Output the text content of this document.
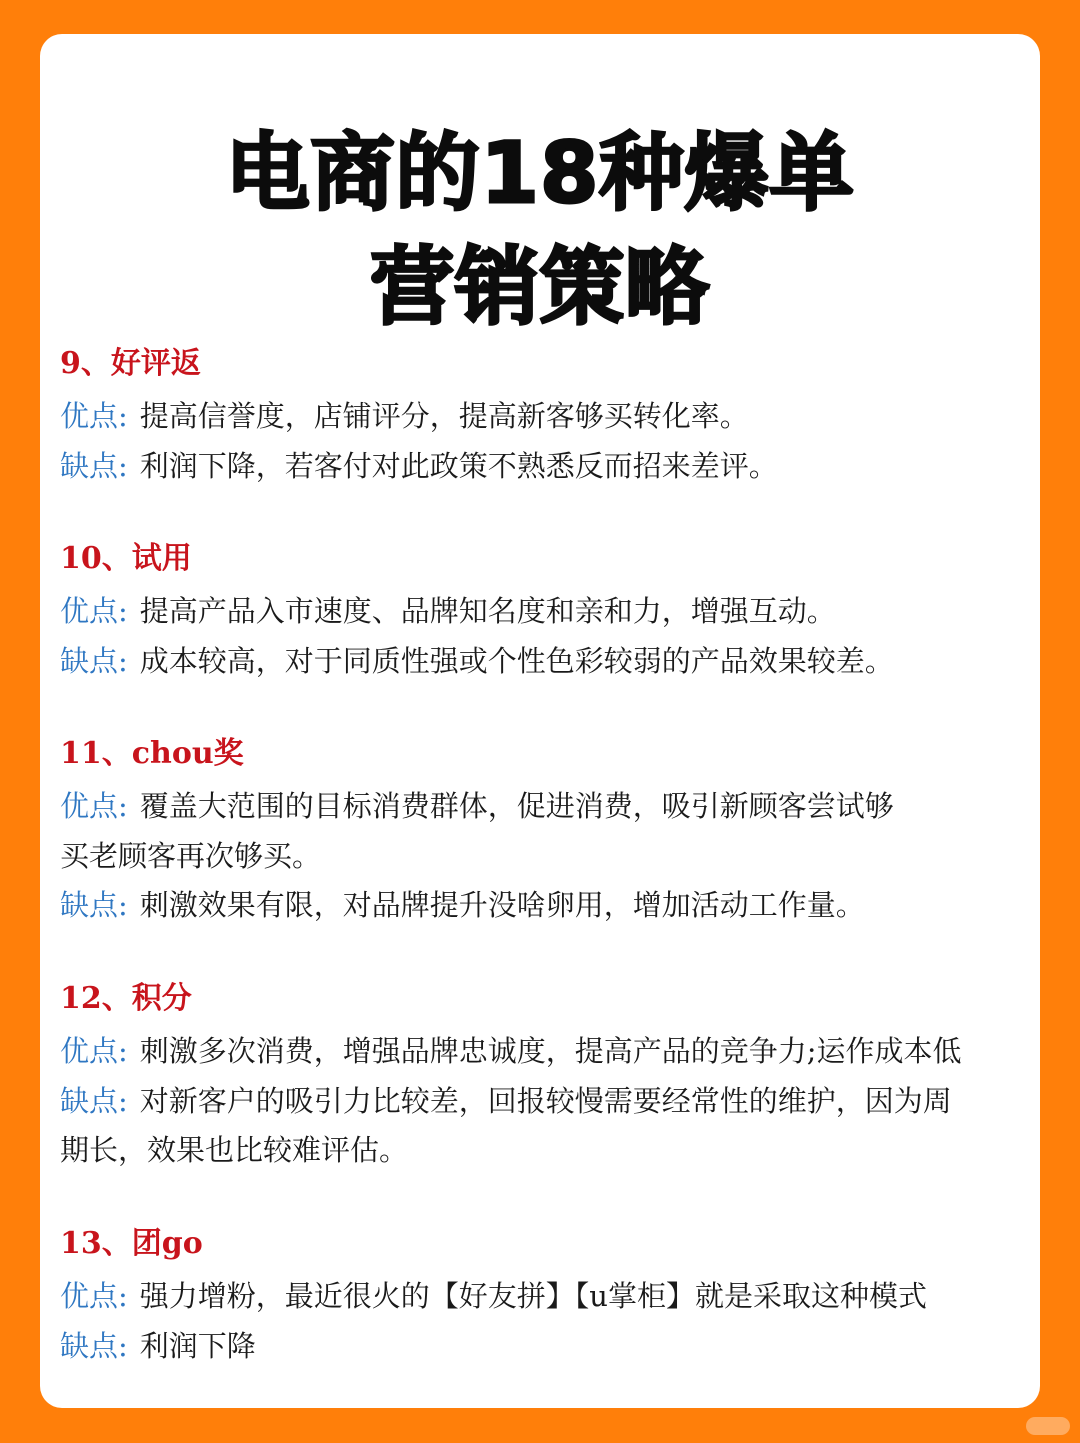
电商的18种爆单
营销策略

9、好评返

优点: 提高信誉度，店铺评分，提高新客够买转化率。

缺点: 利润下降，若客付对此政策不熟悉反而招来差评。

10、试用

优点: 提高产品入市速度、品牌知名度和亲和力，增强互动。

缺点: 成本较高，对于同质性强或个性色彩较弱的产品效果较差。

11、chou奖

优点: 覆盖大范围的目标消费群体，促进消费，吸引新顾客尝试够

买老顾客再次够买。

缺点: 刺激效果有限，对品牌提升没啥卵用，增加活动工作量。

12、积分

优点: 刺激多次消费，增强品牌忠诚度，提高产品的竞争力;运作成本低

缺点: 对新客户的吸引力比较差，回报较慢需要经常性的维护，因为周

期长，效果也比较难评估。

13、团go

优点: 强力增粉，最近很火的【好友拼】【u掌柜】就是采取这种模式

缺点: 利润下降
